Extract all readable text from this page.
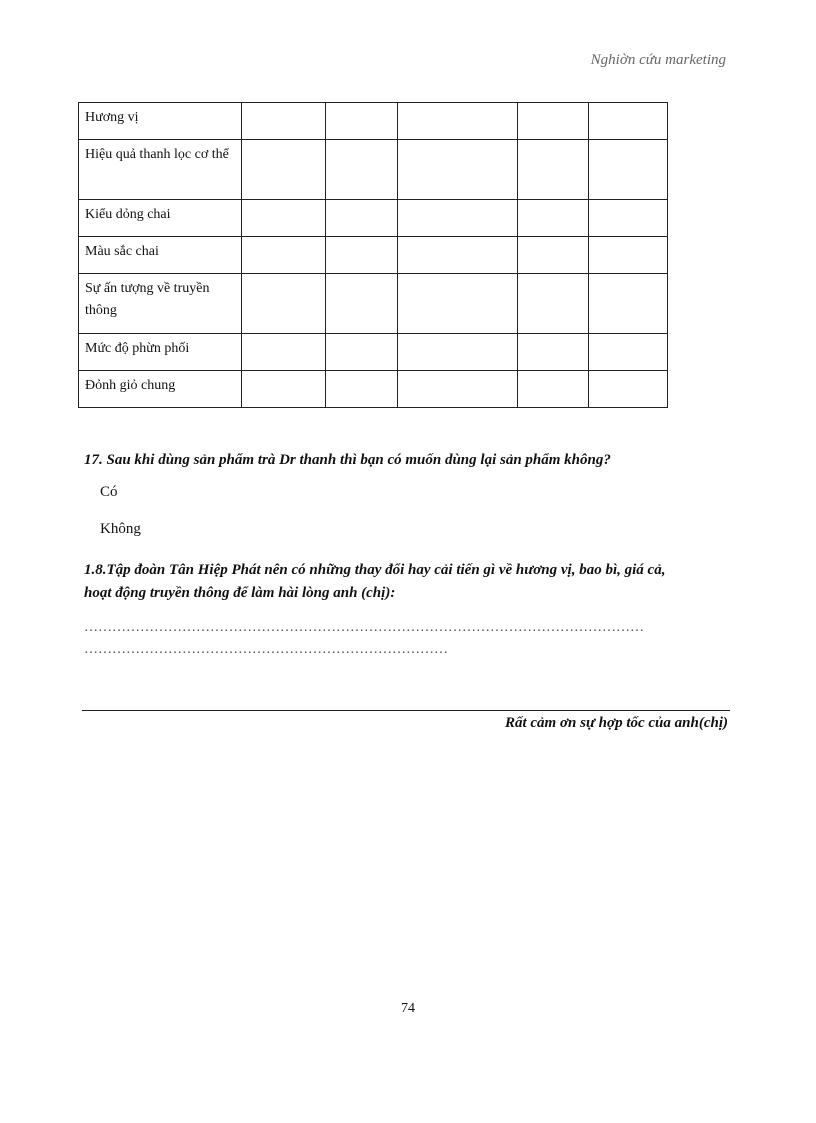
Nghiờn cứu marketing
Hương vị					
Hiệu quả thanh lọc cơ thể					
Kiểu dỏng chai					
Màu sắc chai					
Sự ấn tượng về truyền thông					
Mức độ phừn phối					
Đỏnh giỏ chung					
17. Sau khi dùng sản phẩm trà Dr thanh thì bạn có muốn dùng lại sản phẩm không?
Có
Không
1.8.Tập đoàn Tân Hiệp Phát nên có những thay đổi hay cải tiến gì về hương vị, bao bì, giá cả,
hoạt động truyền thông để làm hài lòng anh (chị):
…………………………………………………………………………………………………………
……………………………………………………………………
Rất cảm ơn sự hợp tốc của anh(chị)
74
